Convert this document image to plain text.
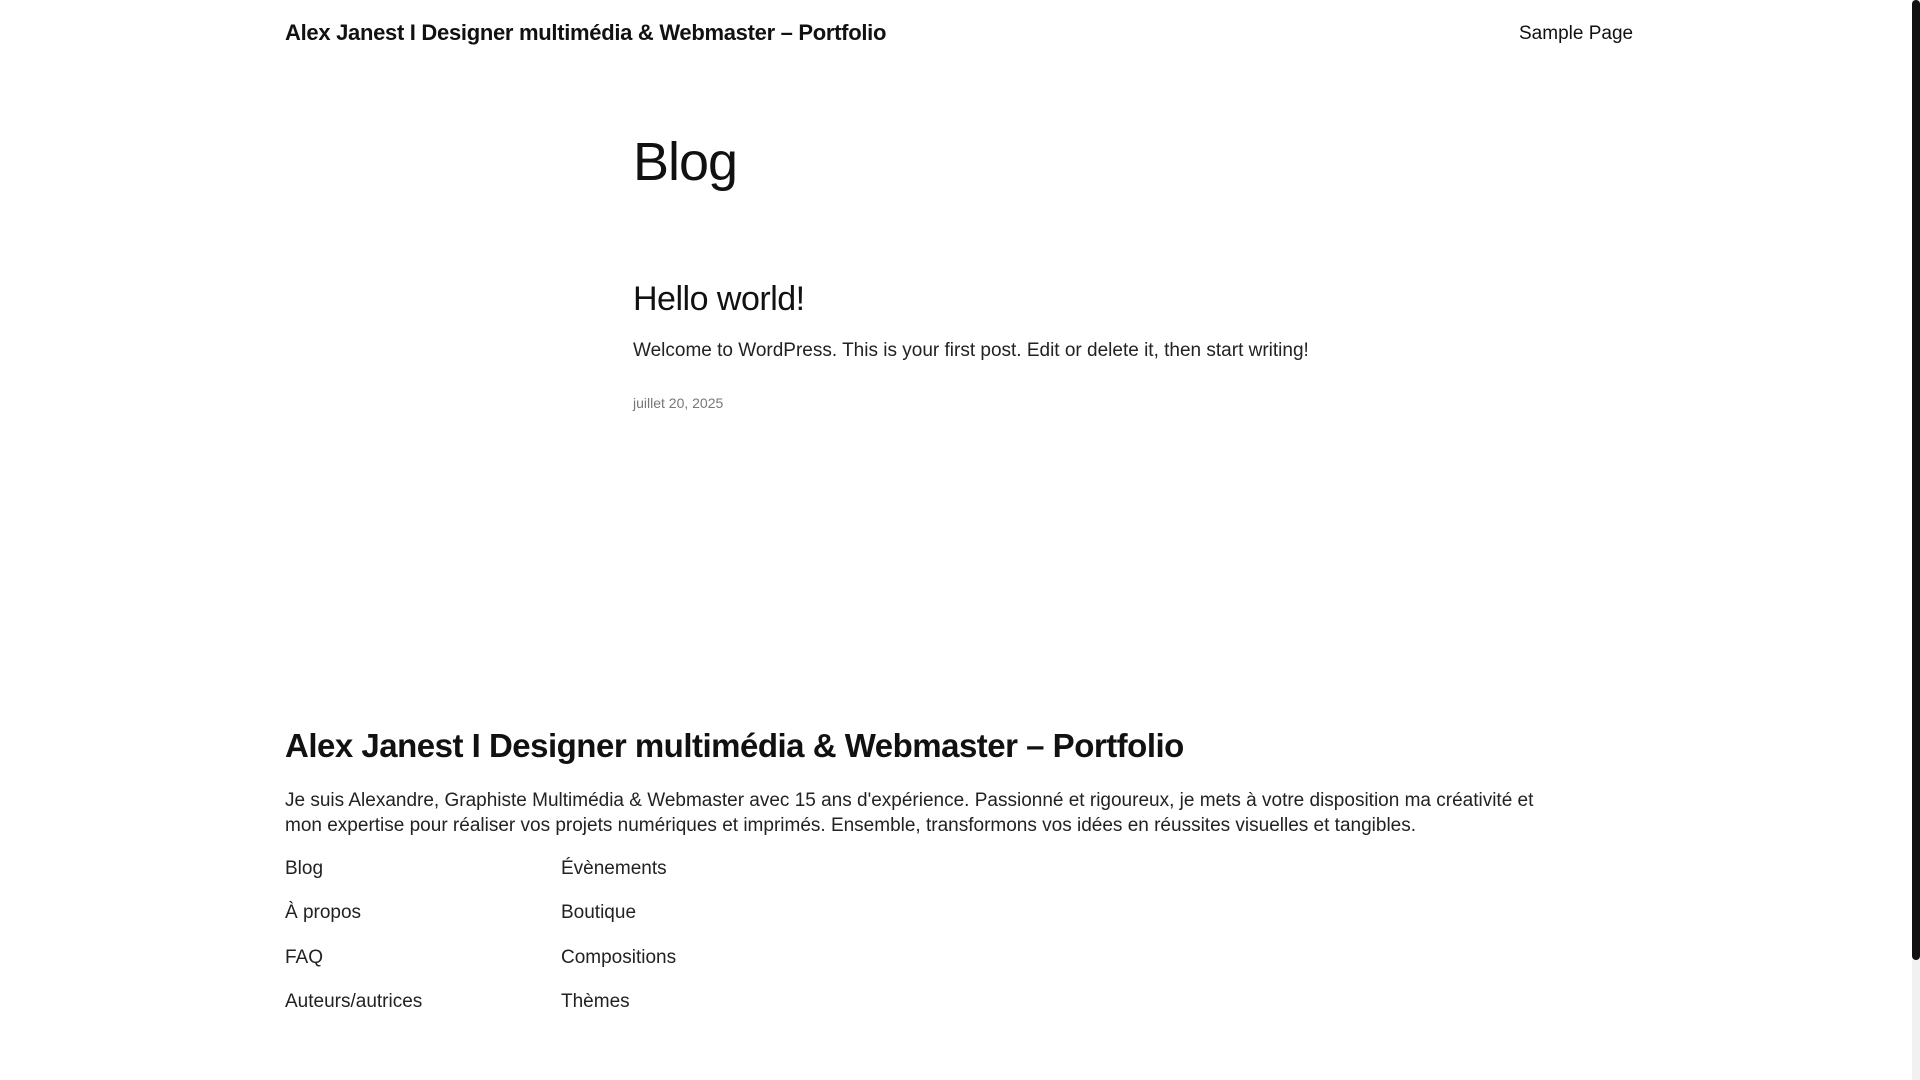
Alex Janest I Designer multimédia & Webmaster – Portfolio	Sample Page
Blog
Hello world!
Welcome to WordPress. This is your first post. Edit or delete it, then start writing!
juillet 20, 2025
Alex Janest I Designer multimédia & Webmaster – Portfolio

Je suis Alexandre, Graphiste Multimédia & Webmaster avec 15 ans d'expérience. Passionné et rigoureux, je mets à votre disposition ma créativité et mon expertise pour réaliser vos projets numériques et imprimés. Ensemble, transformons vos idées en réussites visuelles et tangibles.

Blog
À propos
FAQ
Auteurs/autrices
Évènements
Boutique
Compositions
Thèmes
